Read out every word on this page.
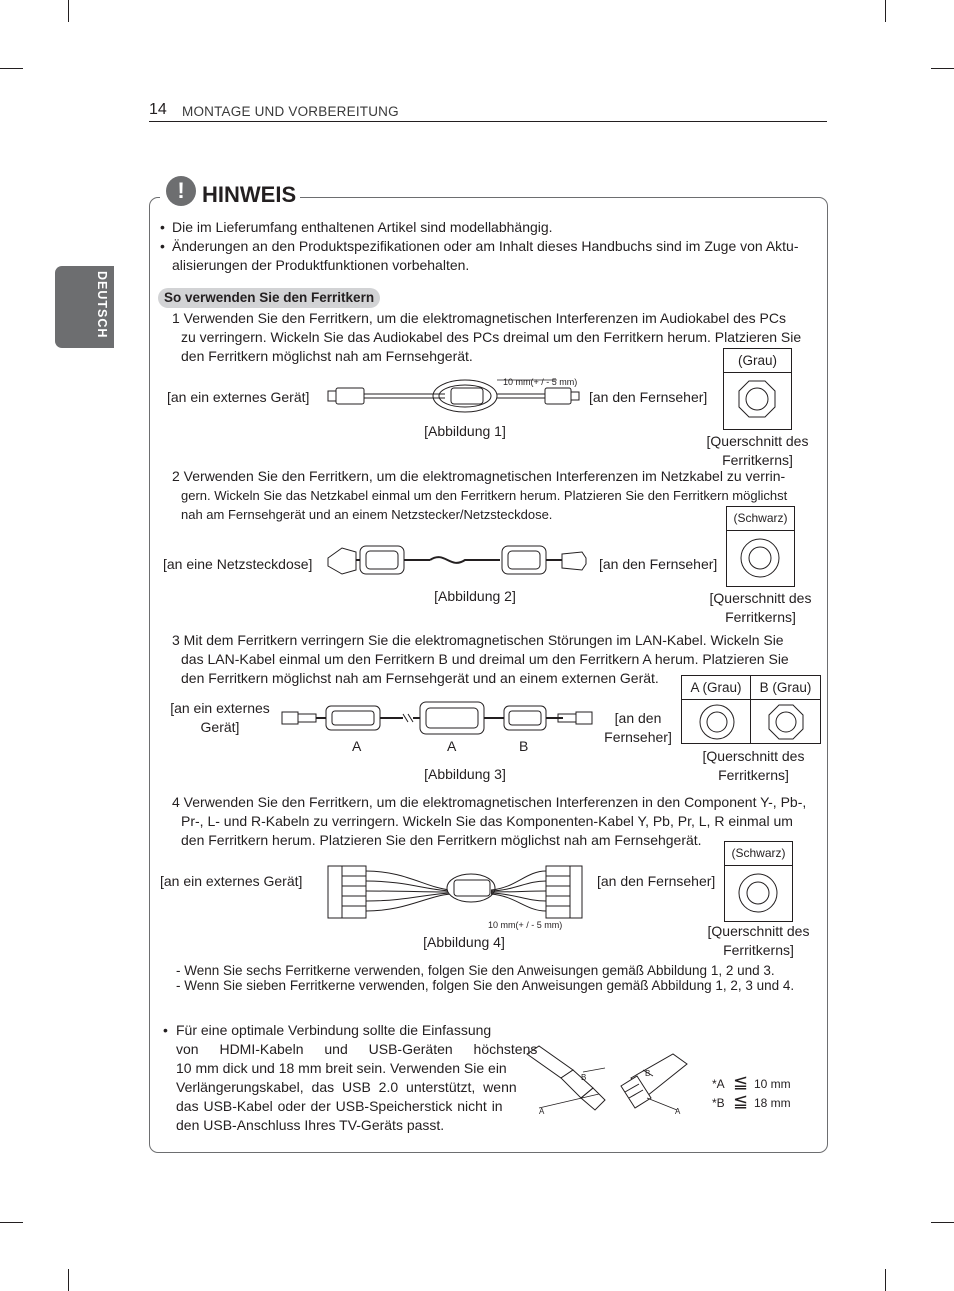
14 MONTAGE UND VORBEREITUNG
DEUTSCH
! HINWEIS
• Die im Lieferumfang enthaltenen Artikel sind modellabhängig.
• Änderungen an den Produktspezifikationen oder am Inhalt dieses Handbuchs sind im Zuge von Aktu-
alisierungen der Produktfunktionen vorbehalten.
So verwenden Sie den Ferritkern
1 Verwenden Sie den Ferritkern, um die elektromagnetischen Interferenzen im Audiokabel des PCs
zu verringern. Wickeln Sie das Audiokabel des PCs dreimal um den Ferritkern herum. Platzieren Sie
den Ferritkern möglichst nah am Fernsehgerät.
[an ein externes Gerät]	[an den Fernseher]
10 mm(+ / - 5 mm)
[Abbildung 1]
(Grau)
[Querschnitt des
Ferritkerns]
2 Verwenden Sie den Ferritkern, um die elektromagnetischen Interferenzen im Netzkabel zu verrin-
gern. Wickeln Sie das Netzkabel einmal um den Ferritkern herum. Platzieren Sie den Ferritkern möglichst
nah am Fernsehgerät und an einem Netzstecker/Netzsteckdose.
[an eine Netzsteckdose]	[an den Fernseher]
[Abbildung 2]
(Schwarz)
[Querschnitt des
Ferritkerns]
3 Mit dem Ferritkern verringern Sie die elektromagnetischen Störungen im LAN-Kabel. Wickeln Sie
das LAN-Kabel einmal um den Ferritkern B und dreimal um den Ferritkern A herum. Platzieren Sie
den Ferritkern möglichst nah am Fernsehgerät und an einem externen Gerät.
[an ein externes
Gerät]
[an den
Fernseher]
A	A	B
[Abbildung 3]
A (Grau)	B (Grau)
[Querschnitt des
Ferritkerns]
4 Verwenden Sie den Ferritkern, um die elektromagnetischen Interferenzen in den Component Y-, Pb-,
Pr-, L- und R-Kabeln zu verringern. Wickeln Sie das Komponenten-Kabel Y, Pb, Pr, L, R einmal um
den Ferritkern herum. Platzieren Sie den Ferritkern möglichst nah am Fernsehgerät.
[an ein externes Gerät]	[an den Fernseher]
10 mm(+ / - 5 mm)
[Abbildung 4]
(Schwarz)
[Querschnitt des
Ferritkerns]
- Wenn Sie sechs Ferritkerne verwenden, folgen Sie den Anweisungen gemäß Abbildung 1, 2 und 3.
- Wenn Sie sieben Ferritkerne verwenden, folgen Sie den Anweisungen gemäß Abbildung 1, 2, 3 und 4.
• Für eine optimale Verbindung sollte die Einfassung
von HDMI-Kabeln und USB-Geräten höchstens
10 mm dick und 18 mm breit sein. Verwenden Sie ein
Verlängerungskabel, das USB 2.0 unterstützt, wenn
das USB-Kabel oder der USB-Speicherstick nicht in
den USB-Anschluss Ihres TV-Geräts passt.
A
B	B
A
*A ≦ 10 mm
*B ≦ 18 mm
